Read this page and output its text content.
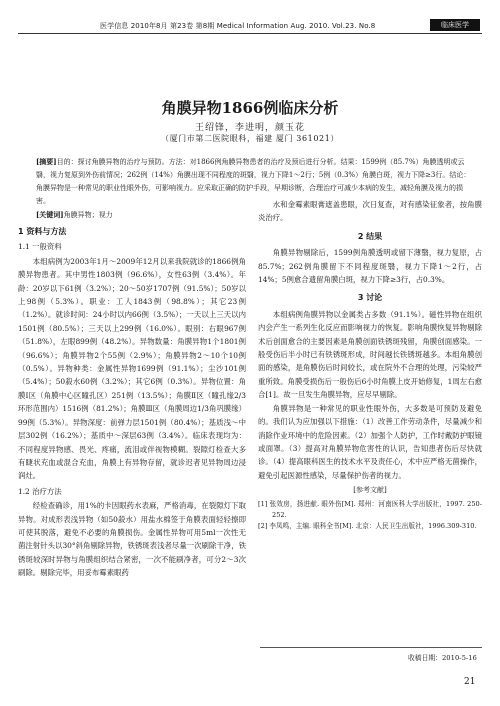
医学信息 2010年8月 第23卷 第8期 Medical Information Aug. 2010. Vol.23. No.8	临床医学
角膜异物1866例临床分析
王绍锋，李进明，颜玉花
（厦门市第二医院眼科，福建 厦门 361021）
[摘要]目的：探讨角膜异物的治疗与预防。方法：对1866例角膜异物患者的治疗及预后进行分析。结果：1599例（85.7%）角膜透明或云翳，视力复原到外伤前情况；262例（14%）角膜出现不同程度的斑翳，视力下降1～2行；5例（0.3%）角膜白斑，视力下降≥3行。结论：角膜异物是一种常见的职业性眼外伤，可影响视力。应采取正确的防护手段，早期诊断，合理治疗可减少本病的发生，减轻角膜及视力的损害。
[关键词]角膜异物；视力

1 资料与方法

1.1 一般资料

本组病例为2003年1月～2009年12月以来我院就诊的1866例角膜异物患者。其中男性1803例（96.6%），女性63例（3.4%）。年龄：20岁以下61例（3.2%）；20～50岁1707例（91.5%）；50岁以上98例（5.3%）。职业：工人1843例（98.8%）；其它23例（1.2%）。就诊时间：24小时以内66例（3.5%）；一天以上三天以内1501例（80.5%）；三天以上299例（16.0%）。眼别：右眼967例（51.8%），左眼899例（48.2%）。异物数量：角膜异物1个1801例（96.6%）；角膜异物2个55例（2.9%）；角膜异物2～10个10例（0.5%）。异物种类：金属性异物1699例（91.1%）；尘沙101例（5.4%）；50殺水60例（3.2%）；其它6例（0.3%）。异物位置：角膜Ⅰ区（角膜中心区瞳孔区）251例（13.5%）；角膜Ⅱ区（瞳孔缘2/3环形范围内）1516例（81.2%）；角膜Ⅲ区（角膜周边1/3角巩膜缘）99例（5.3%）。异物深度：前弹力层1501例（80.4%）；基质浅～中层302例（16.2%）；基质中～深层63例（3.4%）。临床表现均为：不同程度异物感、畏光、疼痛，流泪或伴视物模糊。裂隙灯检查大多有睫状充血或混合充血，角膜上有异物存留，就诊迟者见异物周边浸润灶。

1.2 治疗方法

经检查确诊，用1%的卡因眼药水表麻，严格消毒，在裂隙灯下取异物。对成形表浅异物（如50殺水）用盐水棉签于角膜表面轻轻擦即可使其脱落，避免不必要的角膜损伤。金属性异物可用5ml一次性无菌注射针头以30°斜角剔除异物，铁锈斑表浅者尽量一次刷除干净，铁锈斑较深时异物与角膜组织结合紧密，一次不能刷净者，可分2～3次刷除。剔除完毕，用妥布霉素眼药

水和金霉素眼膏遮盖患眼，次日复查，对有感染征象者，按角膜炎治疗。

2 结果

角膜异物剔除后，1599例角膜透明或留下薄翳，视力复原，占85.7%；262例角膜留下不同程度斑翳，视力下降1～2行，占14%；5例愈合遗留角膜白斑，视力下降≥3行，占0.3%。

3 讨论

本组病例角膜异物以金属类占多数（91.1%）。磁性异物在组织内会产生一系列生化反应而影响视力的恢复。影响角膜恢复异物剔除术后创面愈合的主要因素是角膜创面铁锈斑残留，角膜创面感染。一般受伤后半小时已有铁锈斑形成，时间越长铁锈斑越多。本组角膜创面的感染，是角膜伤后时间较长，或在院外不合理的处理，污染较严重所致。角膜受损伤后一般伤后6小时角膜上皮开始修复，1周左右愈合[1]。故一旦发生角膜异物，应尽早剔除。

角膜异物是一种常见的职业性眼外伤，大多数是可预防及避免的。我们认为应加强以下措施：（1）改善工作劳动条件，尽量减少和消除作业环境中的危险因素。（2）加强个人防护，工作时戴防护眼镜或面罩。（3）提高对角膜异物危害性的认识，告知患者伤后尽快就诊。（4）提高眼科医生的技术水平及责任心，术中应严格无菌操作，避免引起医源性感染，尽量保护伤者的视力。

[参考文献]
[1] 张效房，扬进献. 眼外伤[M]. 郑州：河南医科大学出版社，1997. 250-252.
[2] 李凤鸣，主编. 眼科全书[M]. 北京：人民卫生出版社，1996.309-310.
收稿日期：2010-5-16
21
